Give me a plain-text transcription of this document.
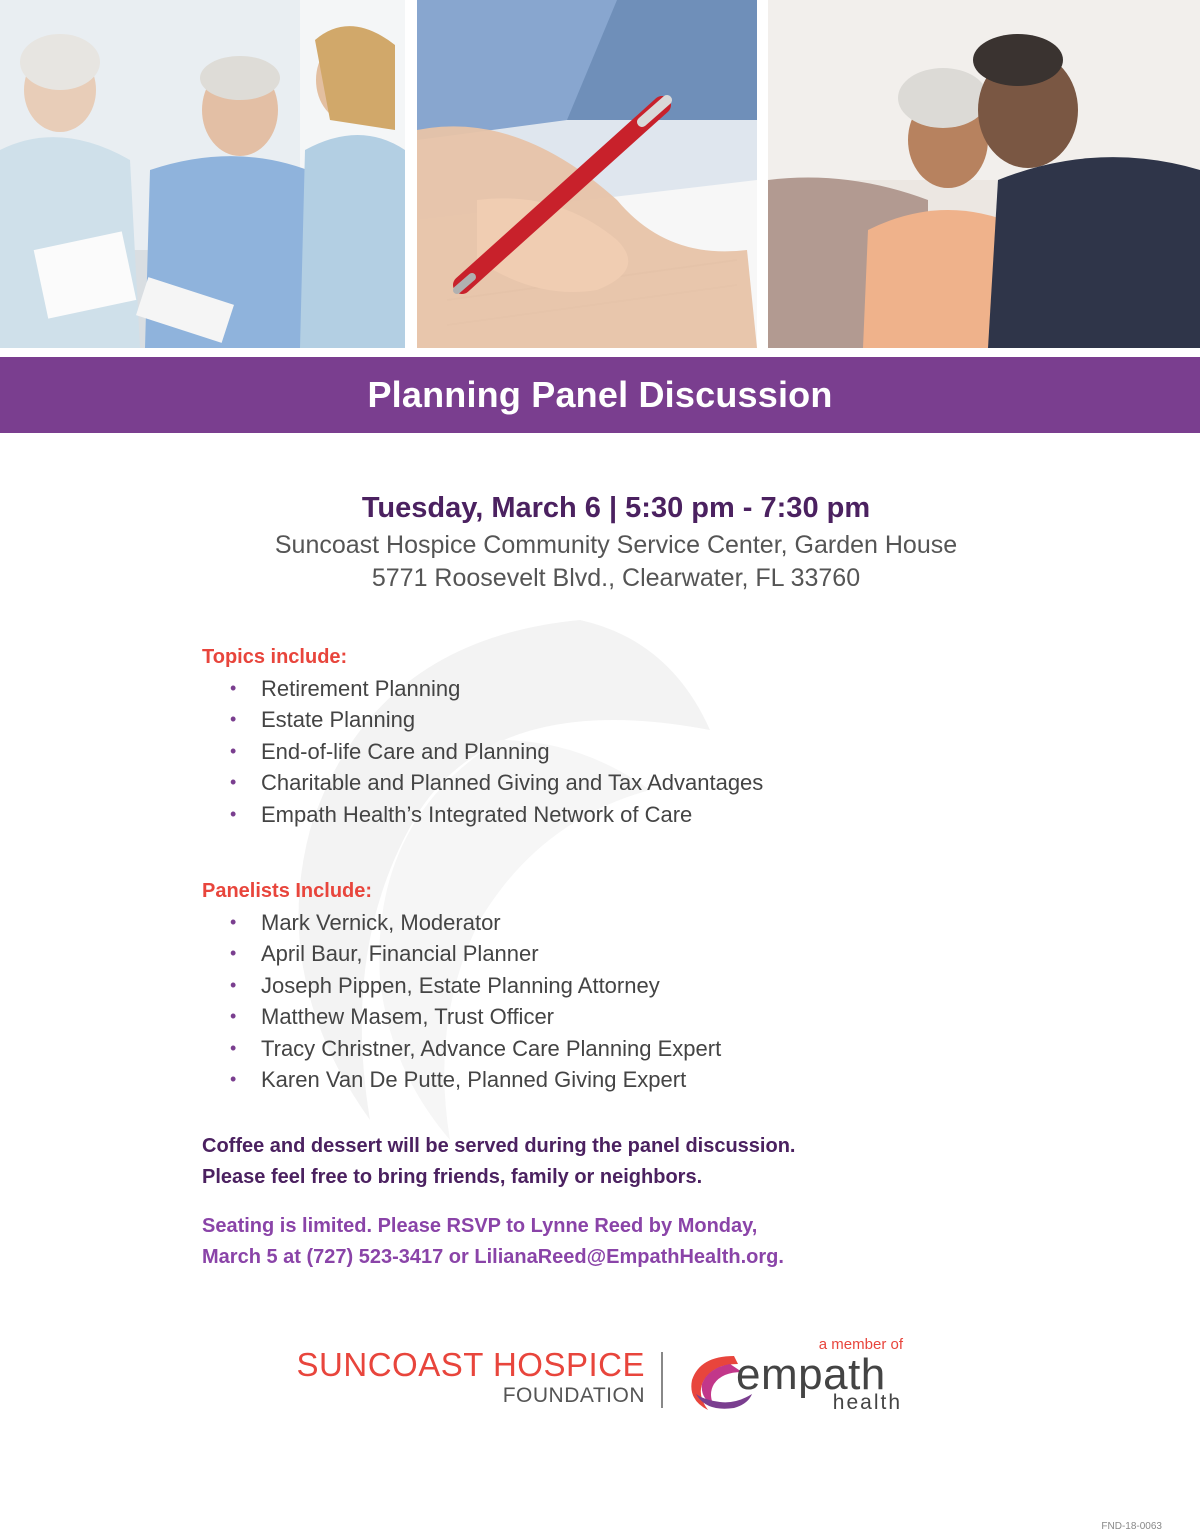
Planning Panel Discussion

Tuesday, March 6 | 5:30 pm - 7:30 pm

Suncoast Hospice Community Service Center, Garden House

5771 Roosevelt Blvd., Clearwater, FL 33760

Topics include:
• Retirement Planning
• Estate Planning
• End-of-life Care and Planning
• Charitable and Planned Giving and Tax Advantages
• Empath Health’s Integrated Network of Care
Panelists Include:
• Mark Vernick, Moderator
• April Baur, Financial Planner
• Joseph Pippen, Estate Planning Attorney
• Matthew Masem, Trust Officer
• Tracy Christner, Advance Care Planning Expert
• Karen Van De Putte, Planned Giving Expert

Coffee and dessert will be served during the panel discussion.

Please feel free to bring friends, family or neighbors.

Seating is limited. Please RSVP to Lynne Reed by Monday,

March 5 at (727) 523-3417 or LilianaReed@EmpathHealth.org.

SUNCOAST HOSPICE
FOUNDATION
a member of
empath
health
FND-18-0063
